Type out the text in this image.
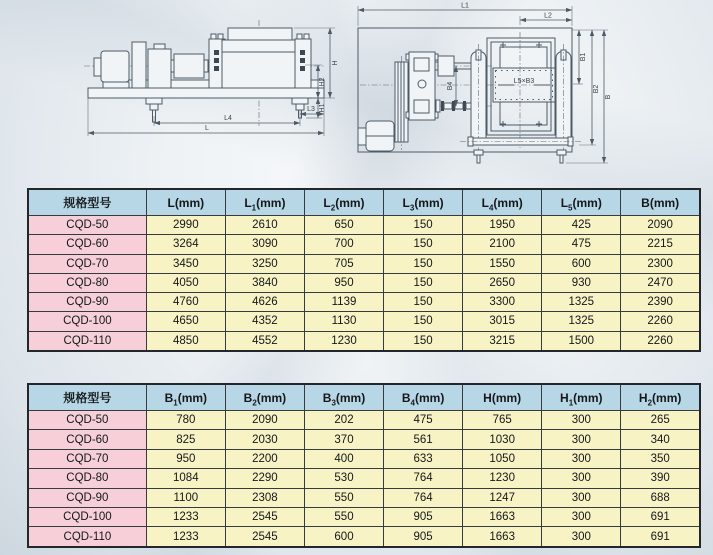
H
H2
H1
L3
L4
L
B4
L5×B3
L1
L2
B1
B2
B
规格型号	L(mm)	$L_1(mm)$	$L_2(mm)$	$L_3(mm)$	$L_4(mm)$	$L_5(mm)$	B(mm)
CQD-50	2990	2610	650	150	1950	425	2090
CQD-60	3264	3090	700	150	2100	475	2215
CQD-70	3450	3250	705	150	1550	600	2300
CQD-80	4050	3840	950	150	2650	930	2470
CQD-90	4760	4626	1139	150	3300	1325	2390
CQD-100	4650	4352	1130	150	3015	1325	2260
CQD-110	4850	4552	1230	150	3215	1500	2260
规格型号	$B_1(mm)$	$B_2(mm)$	$B_3(mm)$	$B_4(mm)$	H(mm)	$H_1(mm)$	$H_2(mm)$
CQD-50	780	2090	202	475	765	300	265
CQD-60	825	2030	370	561	1030	300	340
CQD-70	950	2200	400	633	1050	300	350
CQD-80	1084	2290	530	764	1230	300	390
CQD-90	1100	2308	550	764	1247	300	688
CQD-100	1233	2545	550	905	1663	300	691
CQD-110	1233	2545	600	905	1663	300	691
